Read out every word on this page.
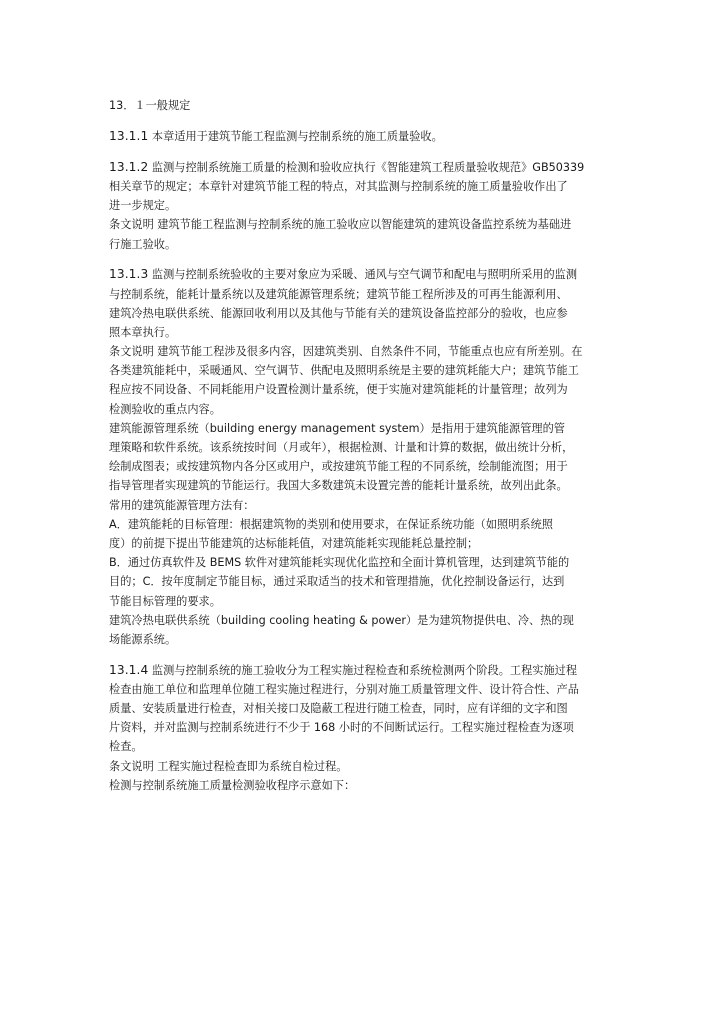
13．１一般规定
13.1.1 本章适用于建筑节能工程监测与控制系统的施工质量验收。
13.1.2 监测与控制系统施工质量的检测和验收应执行《智能建筑工程质量验收规范》GB50339
相关章节的规定；本章针对建筑节能工程的特点，对其监测与控制系统的施工质量验收作出了
进一步规定。
条文说明 建筑节能工程监测与控制系统的施工验收应以智能建筑的建筑设备监控系统为基础进
行施工验收。
13.1.3 监测与控制系统验收的主要对象应为采暖、通风与空气调节和配电与照明所采用的监测
与控制系统，能耗计量系统以及建筑能源管理系统；建筑节能工程所涉及的可再生能源利用、
建筑冷热电联供系统、能源回收利用以及其他与节能有关的建筑设备监控部分的验收，也应参
照本章执行。
条文说明 建筑节能工程涉及很多内容，因建筑类别、自然条件不同，节能重点也应有所差别。在
各类建筑能耗中，采暖通风、空气调节、供配电及照明系统是主要的建筑耗能大户；建筑节能工
程应按不同设备、不同耗能用户设置检测计量系统，便于实施对建筑能耗的计量管理；故列为
检测验收的重点内容。
建筑能源管理系统（building energy management system）是指用于建筑能源管理的管
理策略和软件系统。该系统按时间（月或年），根据检测、计量和计算的数据，做出统计分析，
绘制成图表；或按建筑物内各分区或用户，或按建筑节能工程的不同系统，绘制能流图；用于
指导管理者实现建筑的节能运行。我国大多数建筑未设置完善的能耗计量系统，故列出此条。
常用的建筑能源管理方法有：
A．建筑能耗的目标管理：根据建筑物的类别和使用要求，在保证系统功能（如照明系统照
度）的前提下提出节能建筑的达标能耗值，对建筑能耗实现能耗总量控制；
B．通过仿真软件及 BEMS 软件对建筑能耗实现优化监控和全面计算机管理，达到建筑节能的
目的；C．按年度制定节能目标，通过采取适当的技术和管理措施，优化控制设备运行，达到
节能目标管理的要求。
建筑冷热电联供系统（building cooling heating & power）是为建筑物提供电、冷、热的现
场能源系统。
13.1.4 监测与控制系统的施工验收分为工程实施过程检查和系统检测两个阶段。工程实施过程
检查由施工单位和监理单位随工程实施过程进行，分别对施工质量管理文件、设计符合性、产品
质量、安装质量进行检查，对相关接口及隐蔽工程进行随工检查，同时，应有详细的文字和图
片资料，并对监测与控制系统进行不少于 168 小时的不间断试运行。工程实施过程检查为逐项
检查。
条文说明 工程实施过程检查即为系统自检过程。
检测与控制系统施工质量检测验收程序示意如下：
